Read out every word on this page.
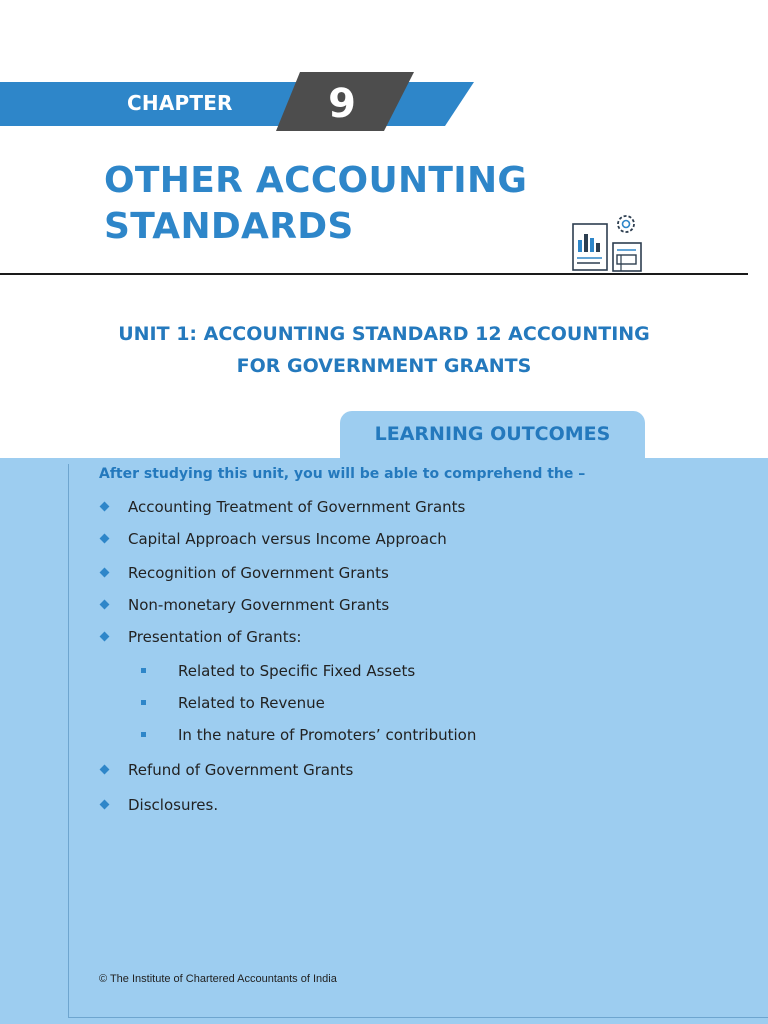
CHAPTER	9
OTHER ACCOUNTING
STANDARDS
UNIT 1: ACCOUNTING STANDARD 12 ACCOUNTING
FOR GOVERNMENT GRANTS
LEARNING OUTCOMES

After studying this unit, you will be able to comprehend the –

Accounting Treatment of Government Grants
Capital Approach versus Income Approach
Recognition of Government Grants
Non-monetary Government Grants
Presentation of Grants:
Related to Specific Fixed Assets
Related to Revenue
In the nature of Promoters’ contribution
Refund of Government Grants
Disclosures.
© The Institute of Chartered Accountants of India
